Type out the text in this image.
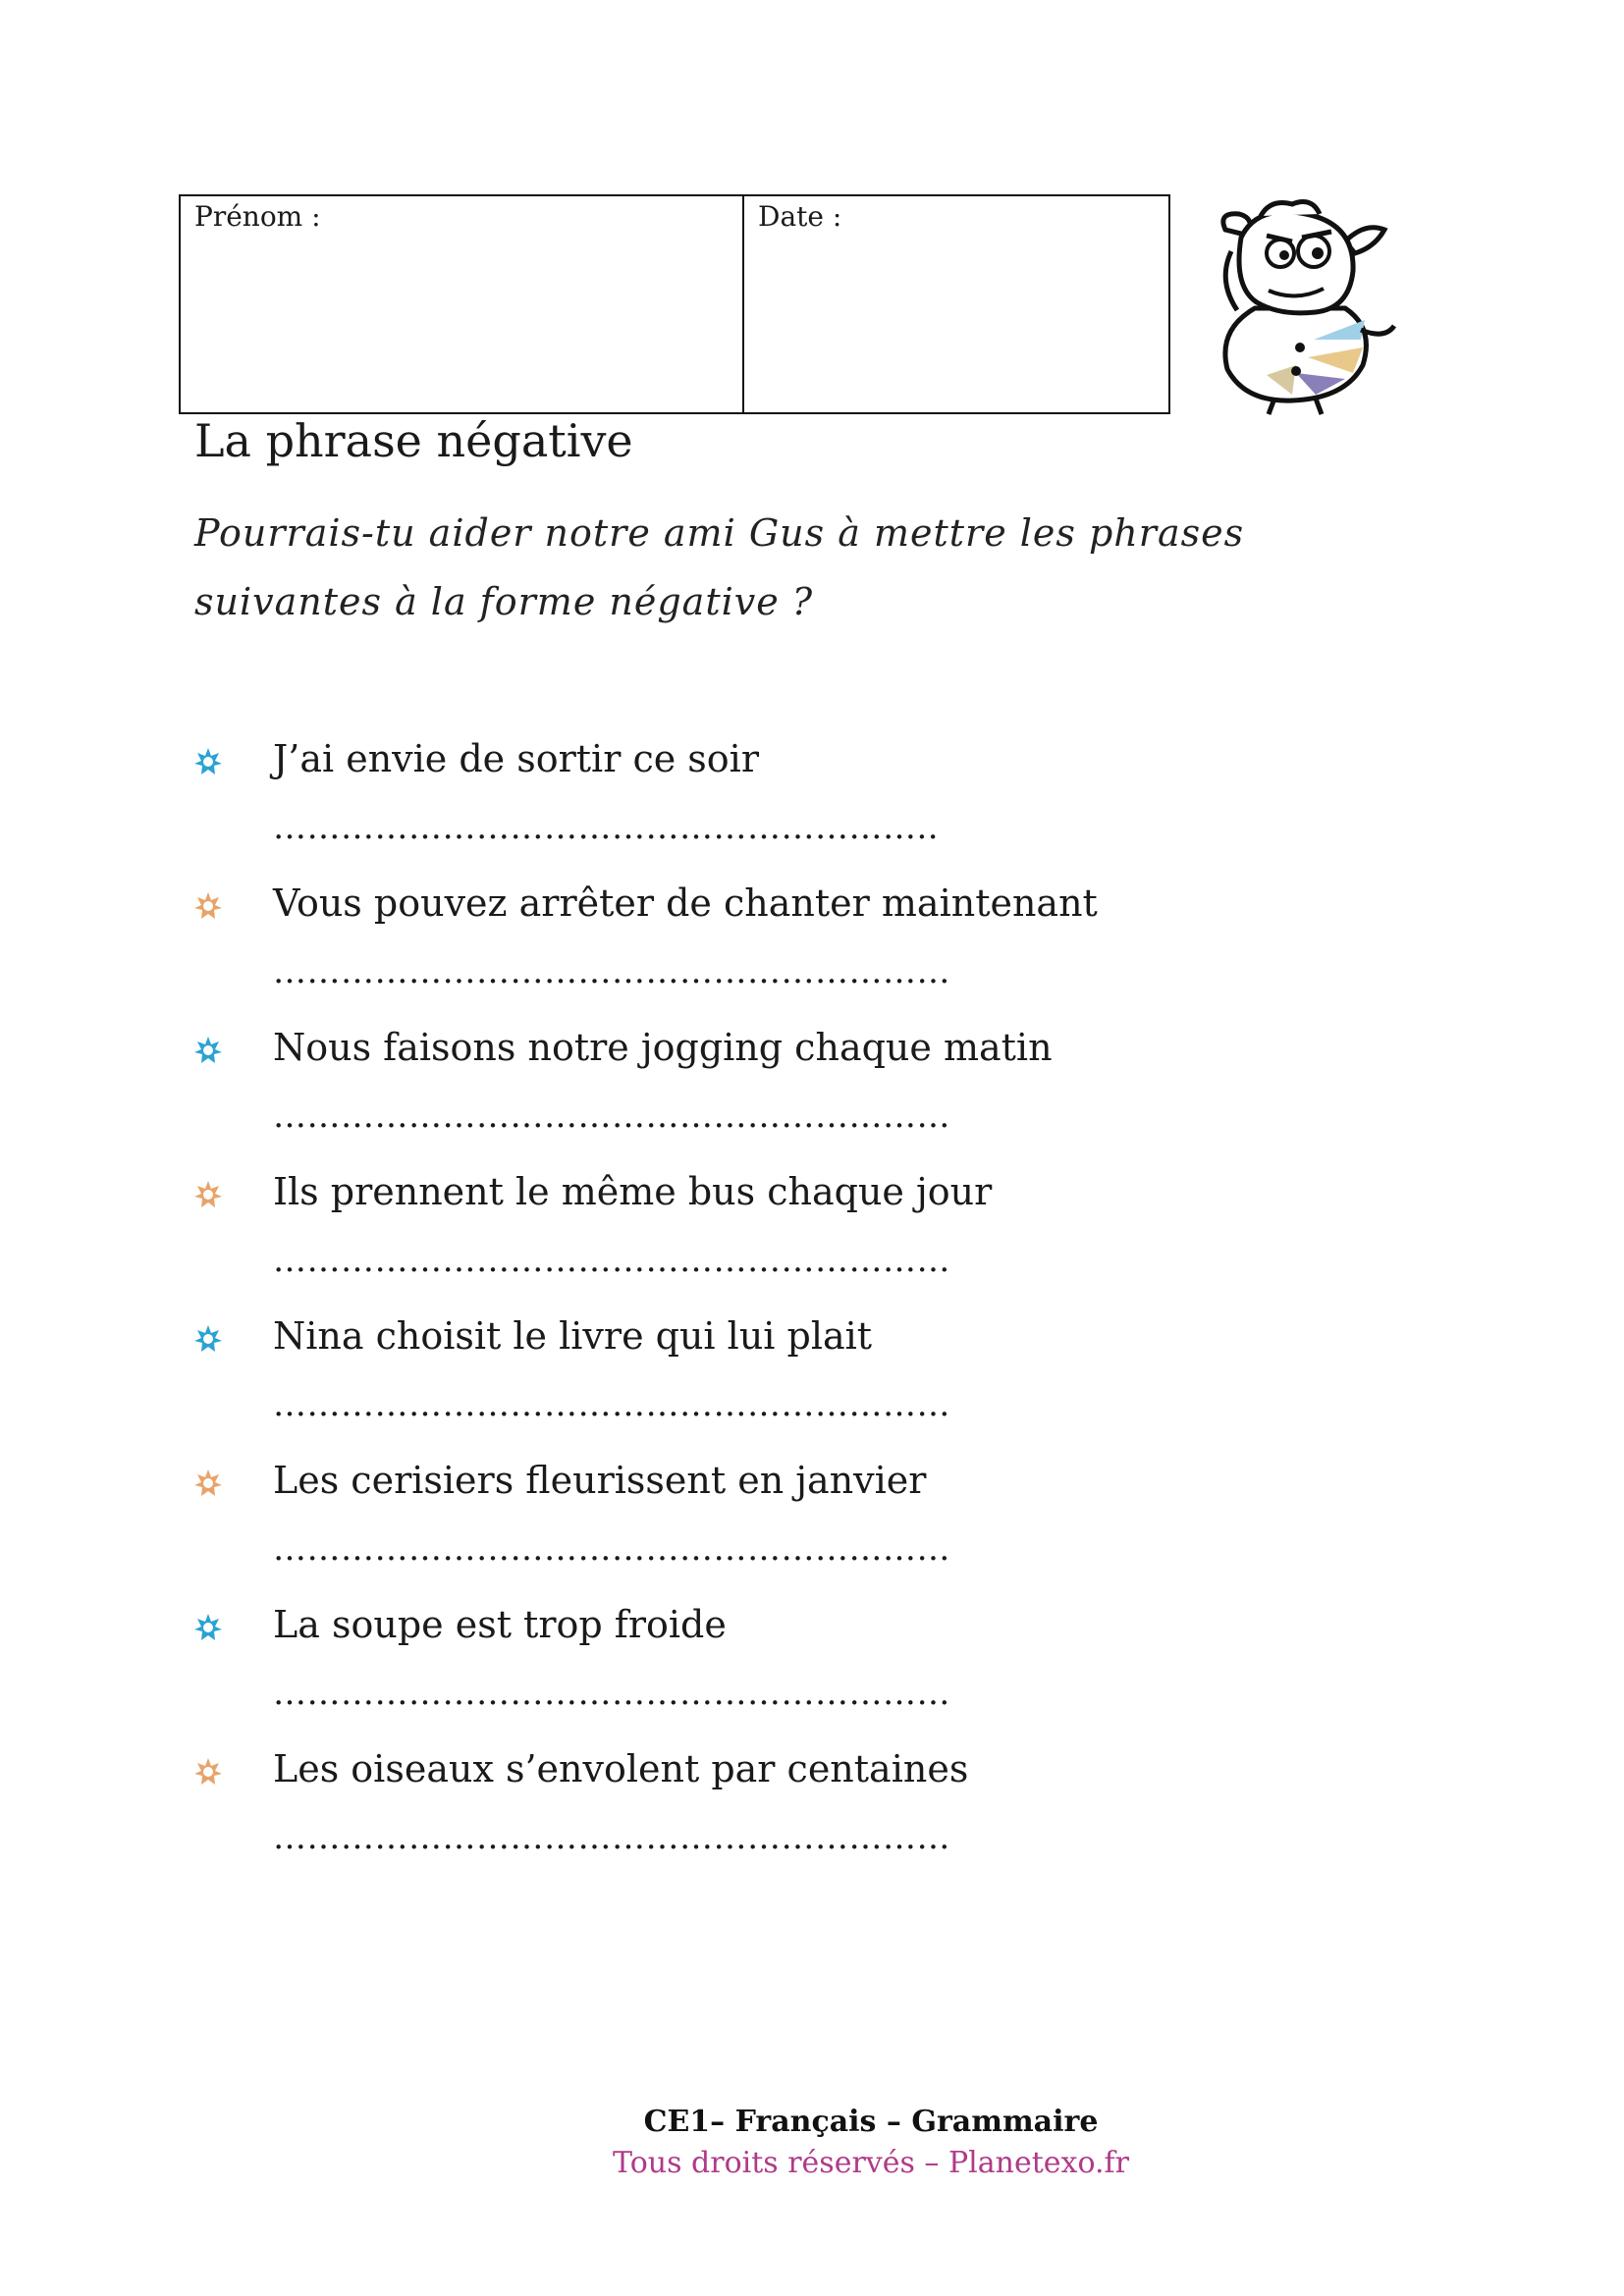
Prénom :	Date :
La phrase négative

Pourrais-tu aider notre ami Gus à mettre les phrases suivantes à la forme négative ?

J’ai envie de sortir ce soir
…………………………………………………..
Vous pouvez arrêter de chanter maintenant
……………………………………………………
Nous faisons notre jogging chaque matin
……………………………………………………
Ils prennent le même bus chaque jour
……………………………………………………
Nina choisit le livre qui lui plait
……………………………………………………
Les cerisiers fleurissent en janvier
……………………………………………………
La soupe est trop froide
……………………………………………………
Les oiseaux s’envolent par centaines
……………………………………………………
CE1– Français – Grammaire
Tous droits réservés – Planetexo.fr
